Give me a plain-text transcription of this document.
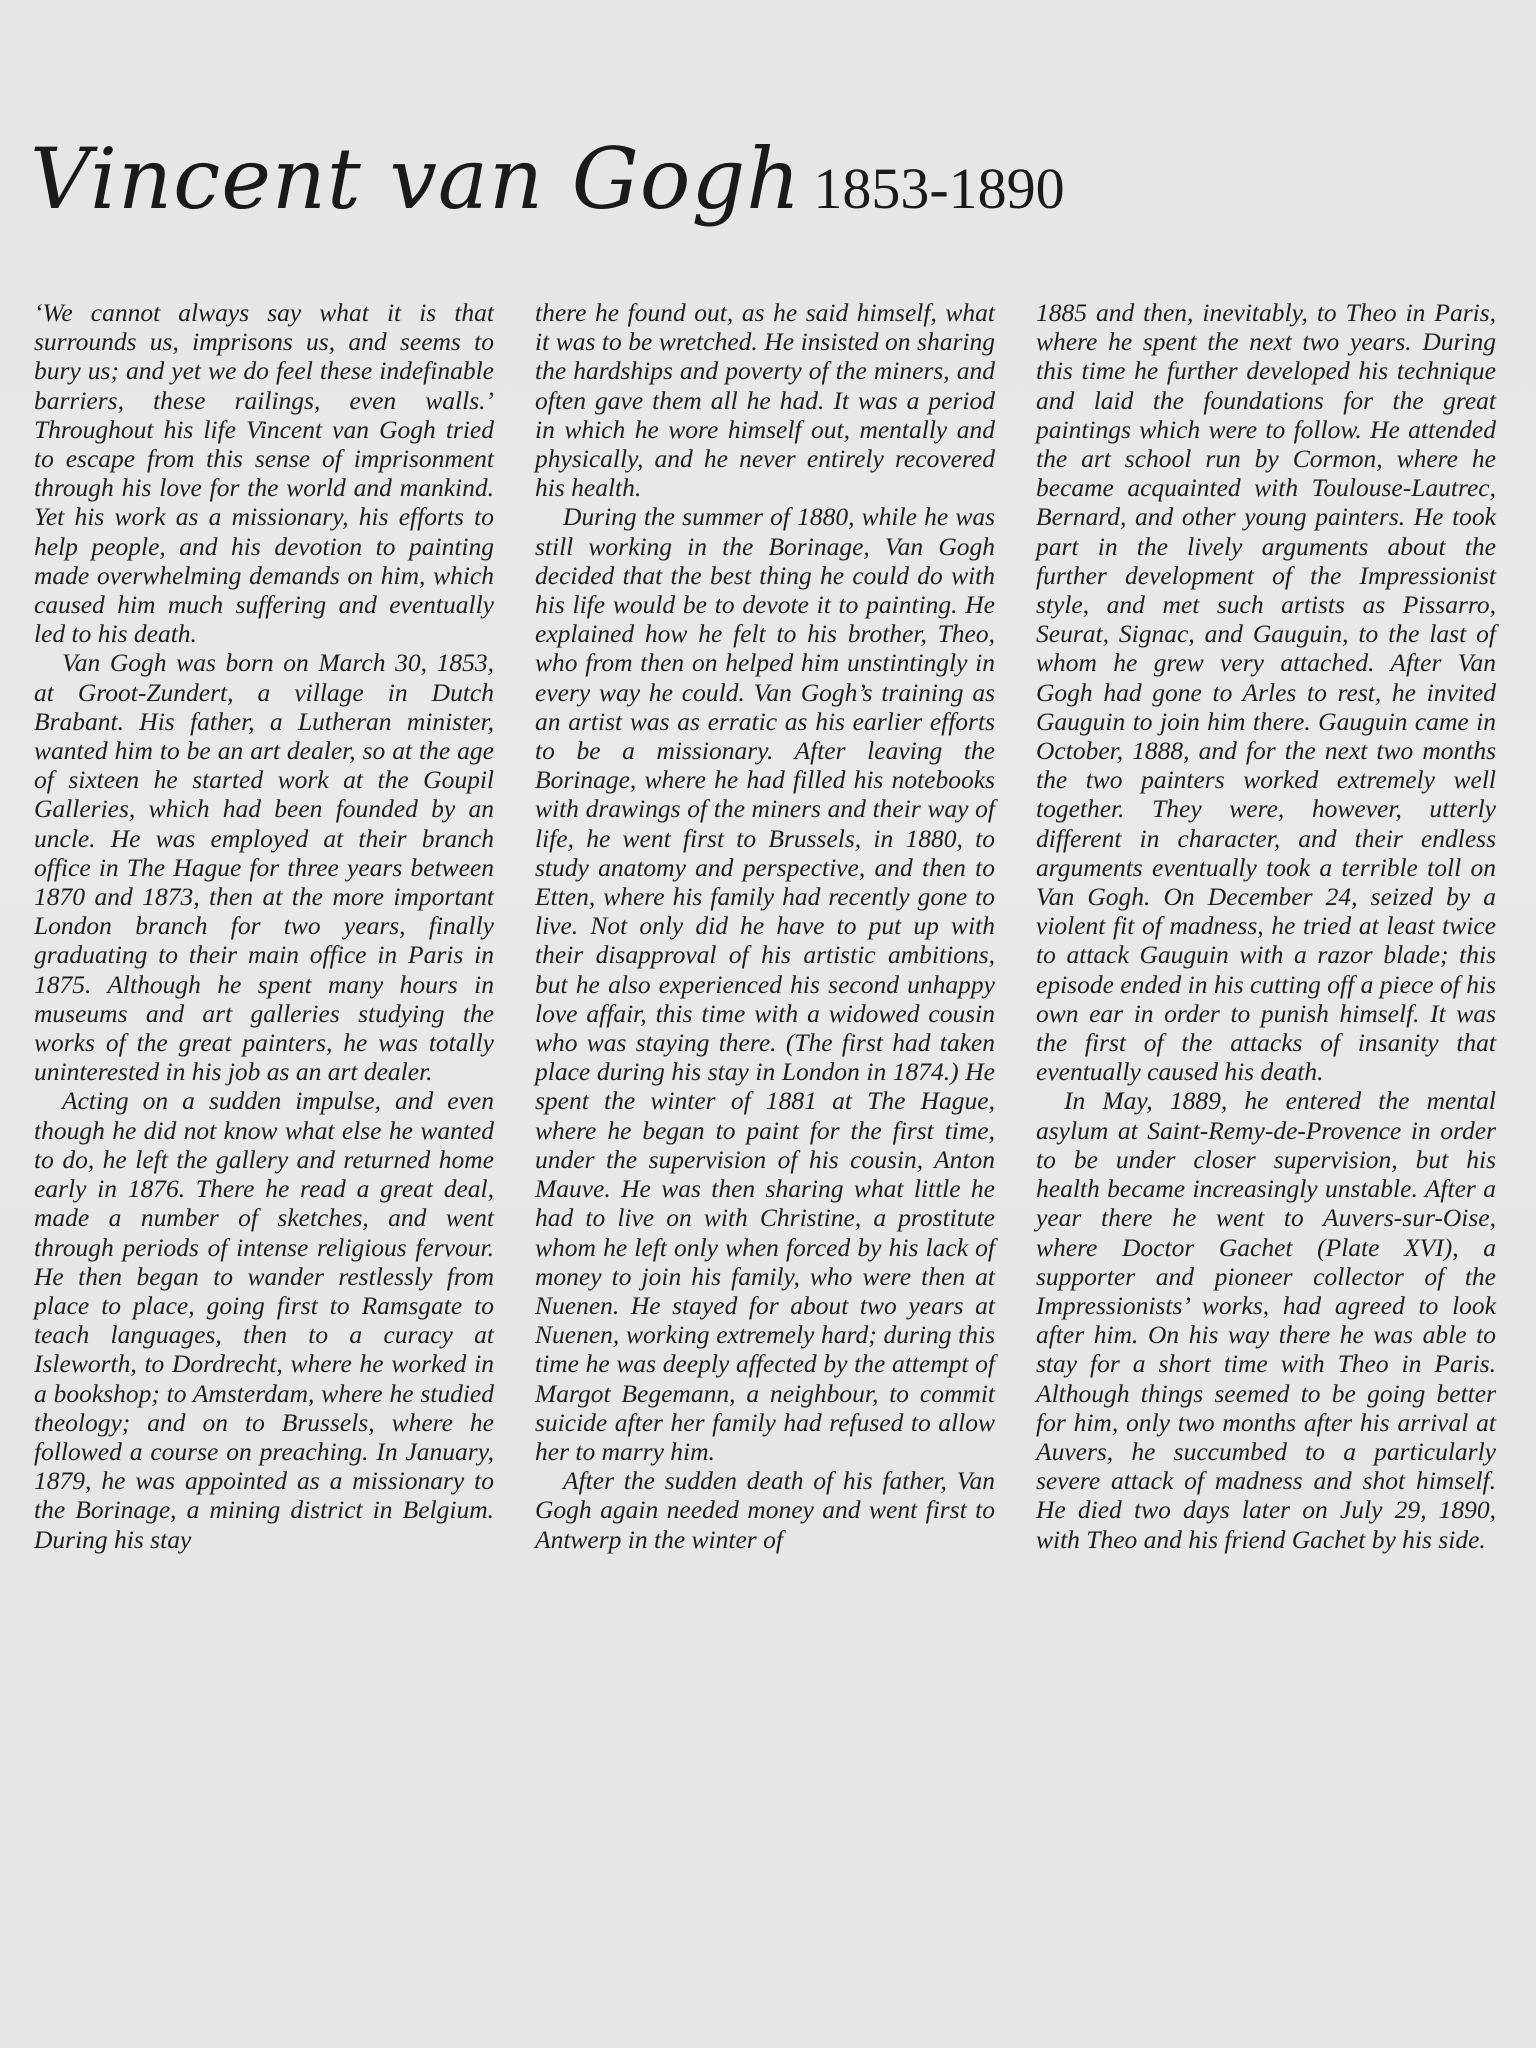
Vincent van Gogh 1853-1890

‘We cannot always say what it is that surrounds us, imprisons us, and seems to bury us; and yet we do feel these indefinable barriers, these railings, even walls.’ Throughout his life Vincent van Gogh tried to escape from this sense of imprisonment through his love for the world and mankind. Yet his work as a missionary, his efforts to help people, and his devotion to painting made overwhelming demands on him, which caused him much suffering and eventually led to his death.

Van Gogh was born on March 30, 1853, at Groot-Zundert, a village in Dutch Brabant. His father, a Lutheran minister, wanted him to be an art dealer, so at the age of sixteen he started work at the Goupil Galleries, which had been founded by an uncle. He was employed at their branch office in The Hague for three years between 1870 and 1873, then at the more important London branch for two years, finally graduating to their main office in Paris in 1875. Although he spent many hours in museums and art galleries studying the works of the great painters, he was totally uninterested in his job as an art dealer.

Acting on a sudden impulse, and even though he did not know what else he wanted to do, he left the gallery and returned home early in 1876. There he read a great deal, made a number of sketches, and went through periods of intense religious fervour. He then began to wander restlessly from place to place, going first to Ramsgate to teach languages, then to a curacy at Isleworth, to Dordrecht, where he worked in a bookshop; to Amsterdam, where he studied theology; and on to Brussels, where he followed a course on preaching. In January, 1879, he was appointed as a missionary to the Borinage, a mining district in Belgium. During his stay

there he found out, as he said himself, what it was to be wretched. He insisted on sharing the hardships and poverty of the miners, and often gave them all he had. It was a period in which he wore himself out, mentally and physically, and he never entirely recovered his health.

During the summer of 1880, while he was still working in the Borinage, Van Gogh decided that the best thing he could do with his life would be to devote it to painting. He explained how he felt to his brother, Theo, who from then on helped him unstintingly in every way he could. Van Gogh’s training as an artist was as erratic as his earlier efforts to be a missionary. After leaving the Borinage, where he had filled his notebooks with drawings of the miners and their way of life, he went first to Brussels, in 1880, to study anatomy and perspective, and then to Etten, where his family had recently gone to live. Not only did he have to put up with their disapproval of his artistic ambitions, but he also experienced his second unhappy love affair, this time with a widowed cousin who was staying there. (The first had taken place during his stay in London in 1874.) He spent the winter of 1881 at The Hague, where he began to paint for the first time, under the supervision of his cousin, Anton Mauve. He was then sharing what little he had to live on with Christine, a prostitute whom he left only when forced by his lack of money to join his family, who were then at Nuenen. He stayed for about two years at Nuenen, working extremely hard; during this time he was deeply affected by the attempt of Margot Begemann, a neighbour, to commit suicide after her family had refused to allow her to marry him.

After the sudden death of his father, Van Gogh again needed money and went first to Antwerp in the winter of

1885 and then, inevitably, to Theo in Paris, where he spent the next two years. During this time he further developed his technique and laid the foundations for the great paintings which were to follow. He attended the art school run by Cormon, where he became acquainted with Toulouse-Lautrec, Bernard, and other young painters. He took part in the lively arguments about the further development of the Impressionist style, and met such artists as Pissarro, Seurat, Signac, and Gauguin, to the last of whom he grew very attached. After Van Gogh had gone to Arles to rest, he invited Gauguin to join him there. Gauguin came in October, 1888, and for the next two months the two painters worked extremely well together. They were, however, utterly different in character, and their endless arguments eventually took a terrible toll on Van Gogh. On December 24, seized by a violent fit of madness, he tried at least twice to attack Gauguin with a razor blade; this episode ended in his cutting off a piece of his own ear in order to punish himself. It was the first of the attacks of insanity that eventually caused his death.

In May, 1889, he entered the mental asylum at Saint-Remy-de-Provence in order to be under closer supervision, but his health became increasingly unstable. After a year there he went to Auvers-sur-Oise, where Doctor Gachet (Plate XVI), a supporter and pioneer collector of the Impressionists’ works, had agreed to look after him. On his way there he was able to stay for a short time with Theo in Paris. Although things seemed to be going better for him, only two months after his arrival at Auvers, he succumbed to a particularly severe attack of madness and shot himself. He died two days later on July 29, 1890, with Theo and his friend Gachet by his side.
